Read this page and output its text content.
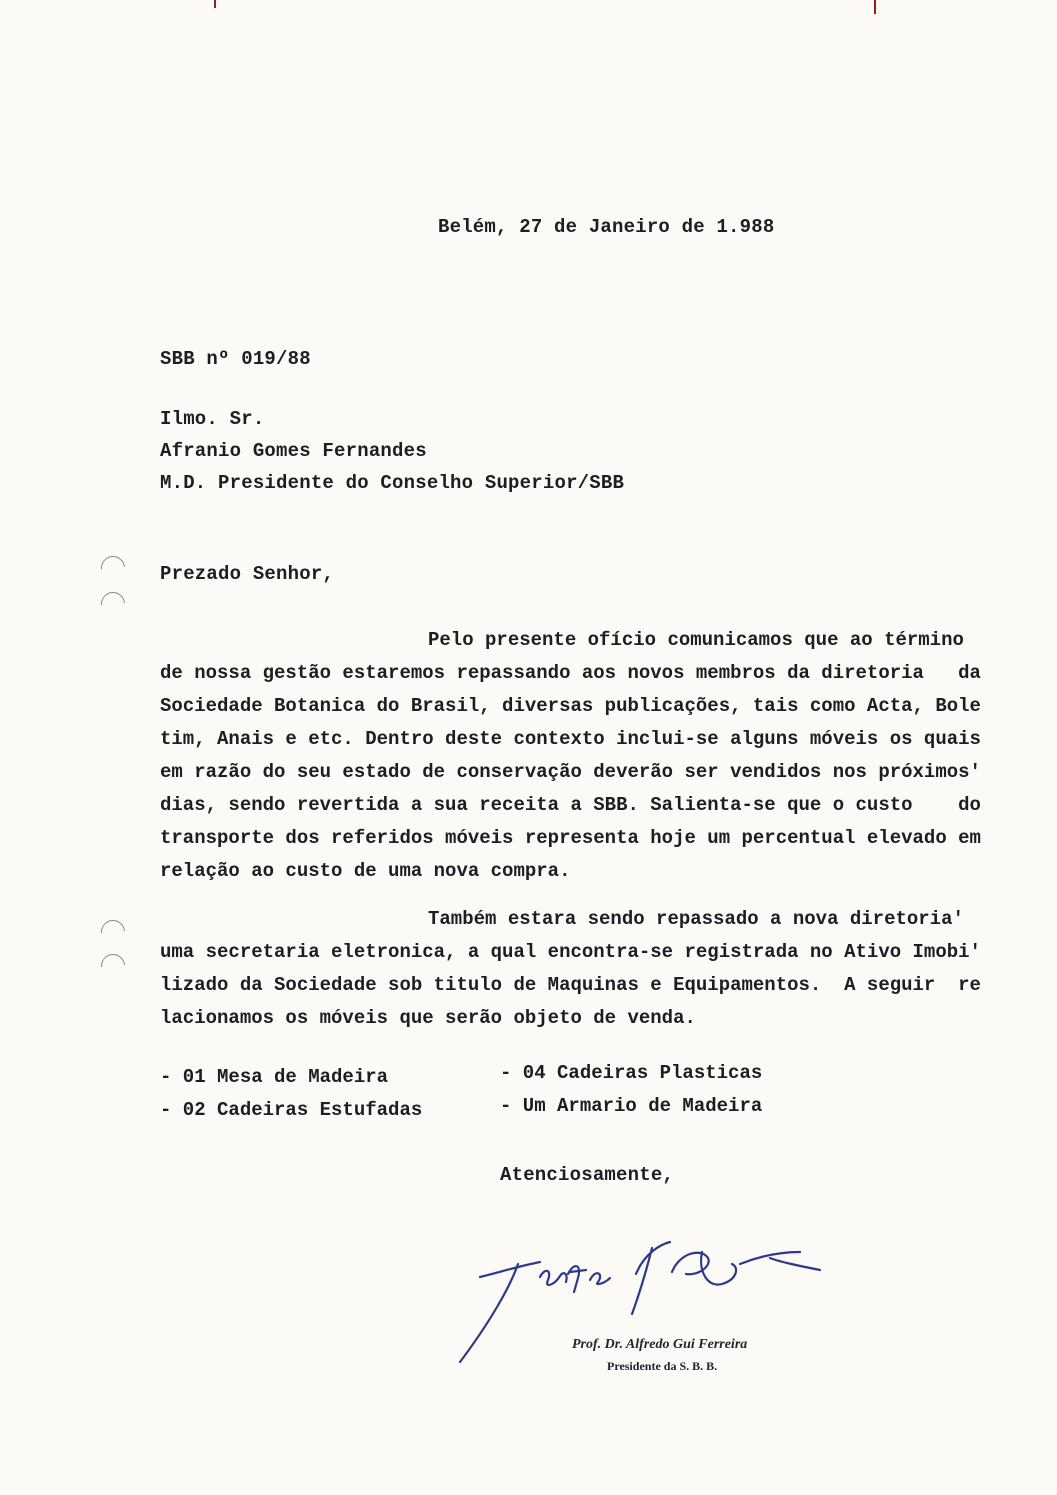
Belém, 27 de Janeiro de 1.988
SBB nº 019/88
Ilmo. Sr.
Afranio Gomes Fernandes
M.D. Presidente do Conselho Superior/SBB
Prezado Senhor,
Pelo presente ofício comunicamos que ao término
de nossa gestão estaremos repassando aos novos membros da diretoria   da
Sociedade Botanica do Brasil, diversas publicações, tais como Acta, Bole
tim, Anais e etc. Dentro deste contexto inclui-se alguns móveis os quais
em razão do seu estado de conservação deverão ser vendidos nos próximos'
dias, sendo revertida a sua receita a SBB. Salienta-se que o custo    do
transporte dos referidos móveis representa hoje um percentual elevado em
relação ao custo de uma nova compra.
Também estara sendo repassado a nova diretoria'
uma secretaria eletronica, a qual encontra-se registrada no Ativo Imobi'
lizado da Sociedade sob titulo de Maquinas e Equipamentos.  A seguir  re
lacionamos os móveis que serão objeto de venda.
- 01 Mesa de Madeira
- 02 Cadeiras Estufadas
- 04 Cadeiras Plasticas
- Um Armario de Madeira
Atenciosamente,
Prof. Dr. Alfredo Gui Ferreira
Presidente da S. B. B.
